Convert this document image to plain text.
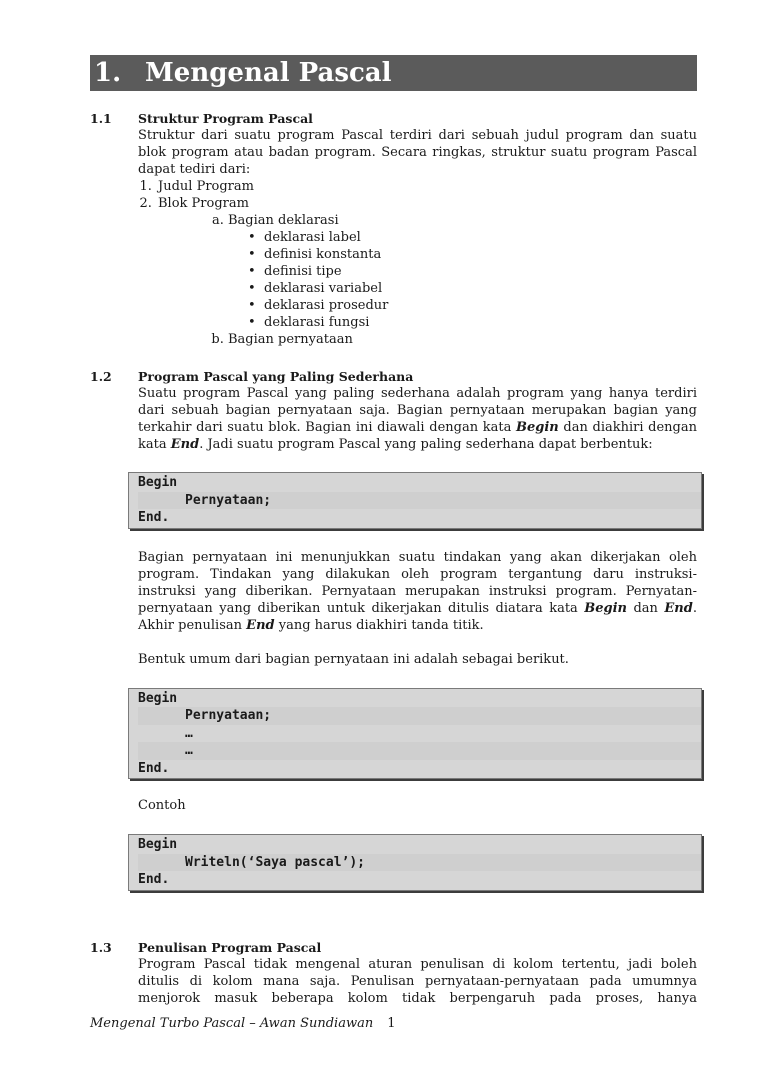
1. Mengenal Pascal
1.1 Struktur Program Pascal
Struktur dari suatu program Pascal terdiri dari sebuah judul program dan suatu blok program atau badan program. Secara ringkas, struktur suatu program Pascal dapat tediri dari:
1. Judul Program
2. Blok Program
a. Bagian deklarasi
• deklarasi label
• definisi konstanta
• definisi tipe
• deklarasi variabel
• deklarasi prosedur
• deklarasi fungsi
b. Bagian pernyataan
1.2 Program Pascal yang Paling Sederhana
Suatu program Pascal yang paling sederhana adalah program yang hanya terdiri dari sebuah bagian pernyataan saja. Bagian pernyataan merupakan bagian yang terkahir dari suatu blok. Bagian ini diawali dengan kata Begin dan diakhiri dengan kata End. Jadi suatu program Pascal yang paling sederhana dapat berbentuk:
Begin
Pernyataan;
End.
Bagian pernyataan ini menunjukkan suatu tindakan yang akan dikerjakan oleh program. Tindakan yang dilakukan oleh program tergantung daru instruksi-instruksi yang diberikan. Pernyataan merupakan instruksi program. Pernyatan-pernyataan yang diberikan untuk dikerjakan ditulis diatara kata Begin dan End. Akhir penulisan End yang harus diakhiri tanda titik.
Bentuk umum dari bagian pernyataan ini adalah sebagai berikut.
Begin
Pernyataan;
…
…
End.
Contoh
Begin
Writeln(‘Saya pascal’);
End.
1.3 Penulisan Program Pascal
Program Pascal tidak mengenal aturan penulisan di kolom tertentu, jadi boleh ditulis di kolom mana saja. Penulisan pernyataan-pernyataan pada umumnya menjorok masuk beberapa kolom tidak berpengaruh pada proses, hanya
Mengenal Turbo Pascal – Awan Sundiawan 1
